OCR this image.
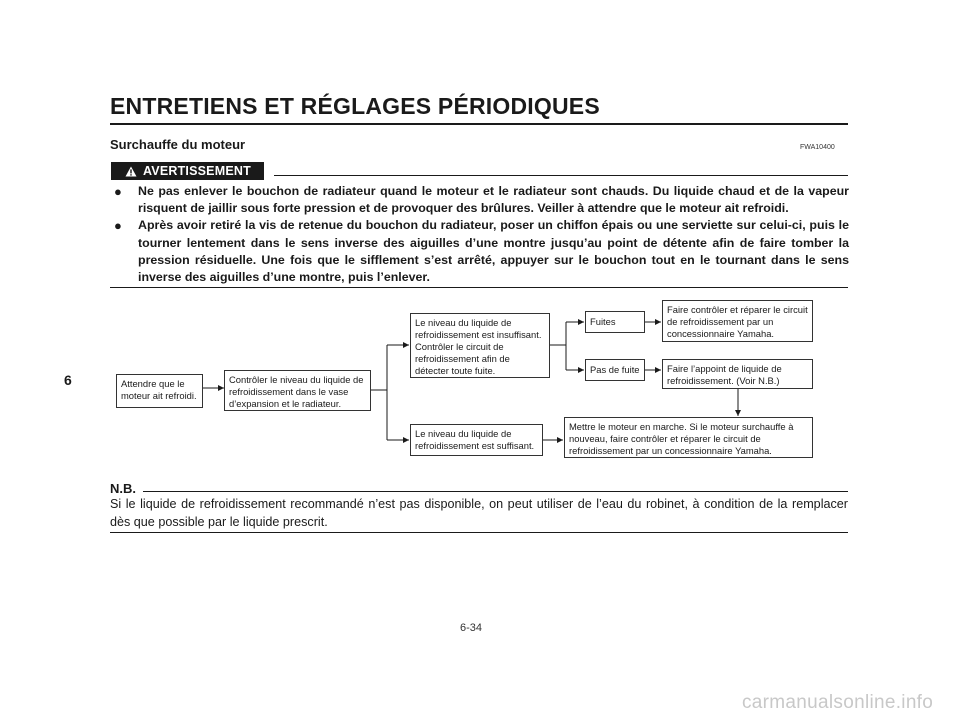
ENTRETIENS ET RÉGLAGES PÉRIODIQUES
Surchauffe du moteur	FWA10400
AVERTISSEMENT
● Ne pas enlever le bouchon de radiateur quand le moteur et le radiateur sont chauds. Du liquide chaud et de la vapeur risquent de jaillir sous forte pression et de provoquer des brûlures. Veiller à attendre que le moteur ait refroidi.
● Après avoir retiré la vis de retenue du bouchon du radiateur, poser un chiffon épais ou une serviette sur celui-ci, puis le tourner lentement dans le sens inverse des aiguilles d’une montre jusqu’au point de détente afin de faire tomber la pression résiduelle. Une fois que le sifflement s’est arrêté, appuyer sur le bouchon tout en le tournant dans le sens inverse des aiguilles d’une montre, puis l’enlever.
6	Attendre que le moteur ait refroidi.
Contrôler le niveau du liquide de refroidissement dans le vase d’expansion et le radiateur.
Le niveau du liquide de refroidissement est insuffisant. Contrôler le circuit de refroidissement afin de détecter toute fuite.
Le niveau du liquide de refroidissement est suffisant.
Fuites
Pas de fuite
Faire contrôler et réparer le circuit de refroidissement par un concessionnaire Yamaha.
Faire l’appoint de liquide de refroidissement. (Voir N.B.)
Mettre le moteur en marche. Si le moteur surchauffe à nouveau, faire contrôler et réparer le circuit de refroidissement par un concessionnaire Yamaha.
N.B.
Si le liquide de refroidissement recommandé n’est pas disponible, on peut utiliser de l’eau du robinet, à condition de la remplacer dès que possible par le liquide prescrit.
6-34
carmanualsonline.info
